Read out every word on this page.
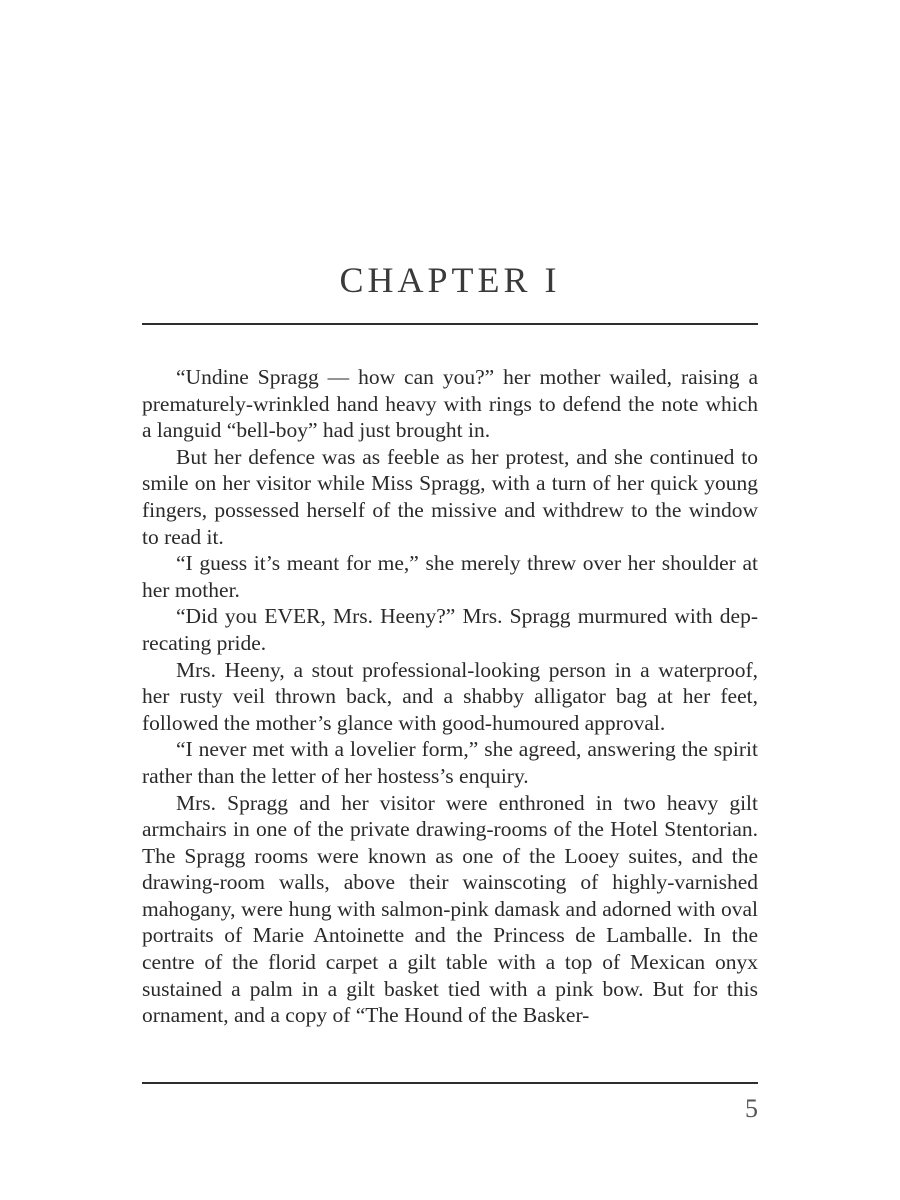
CHAPTER I

“Undine Spragg — how can you?” her mother wailed, raising a prematurely-wrinkled hand heavy with rings to defend the note which a languid “bell-boy” had just brought in.

But her defence was as feeble as her protest, and she continued to smile on her visitor while Miss Spragg, with a turn of her quick young fingers, possessed herself of the missive and withdrew to the window to read it.

“I guess it’s meant for me,” she merely threw over her shoulder at her mother.

“Did you EVER, Mrs. Heeny?” Mrs. Spragg murmured with deprecating pride.

Mrs. Heeny, a stout professional-looking person in a waterproof, her rusty veil thrown back, and a shabby alligator bag at her feet, followed the mother’s glance with good-humoured approval.

“I never met with a lovelier form,” she agreed, answering the spirit rather than the letter of her hostess’s enquiry.

Mrs. Spragg and her visitor were enthroned in two heavy gilt armchairs in one of the private drawing-rooms of the Hotel Stentorian. The Spragg rooms were known as one of the Looey suites, and the drawing-room walls, above their wainscoting of highly-varnished mahogany, were hung with salmon-pink damask and adorned with oval portraits of Marie Antoinette and the Princess de Lamballe. In the centre of the florid carpet a gilt table with a top of Mexican onyx sustained a palm in a gilt basket tied with a pink bow. But for this ornament, and a copy of “The Hound of the Basker-

5
